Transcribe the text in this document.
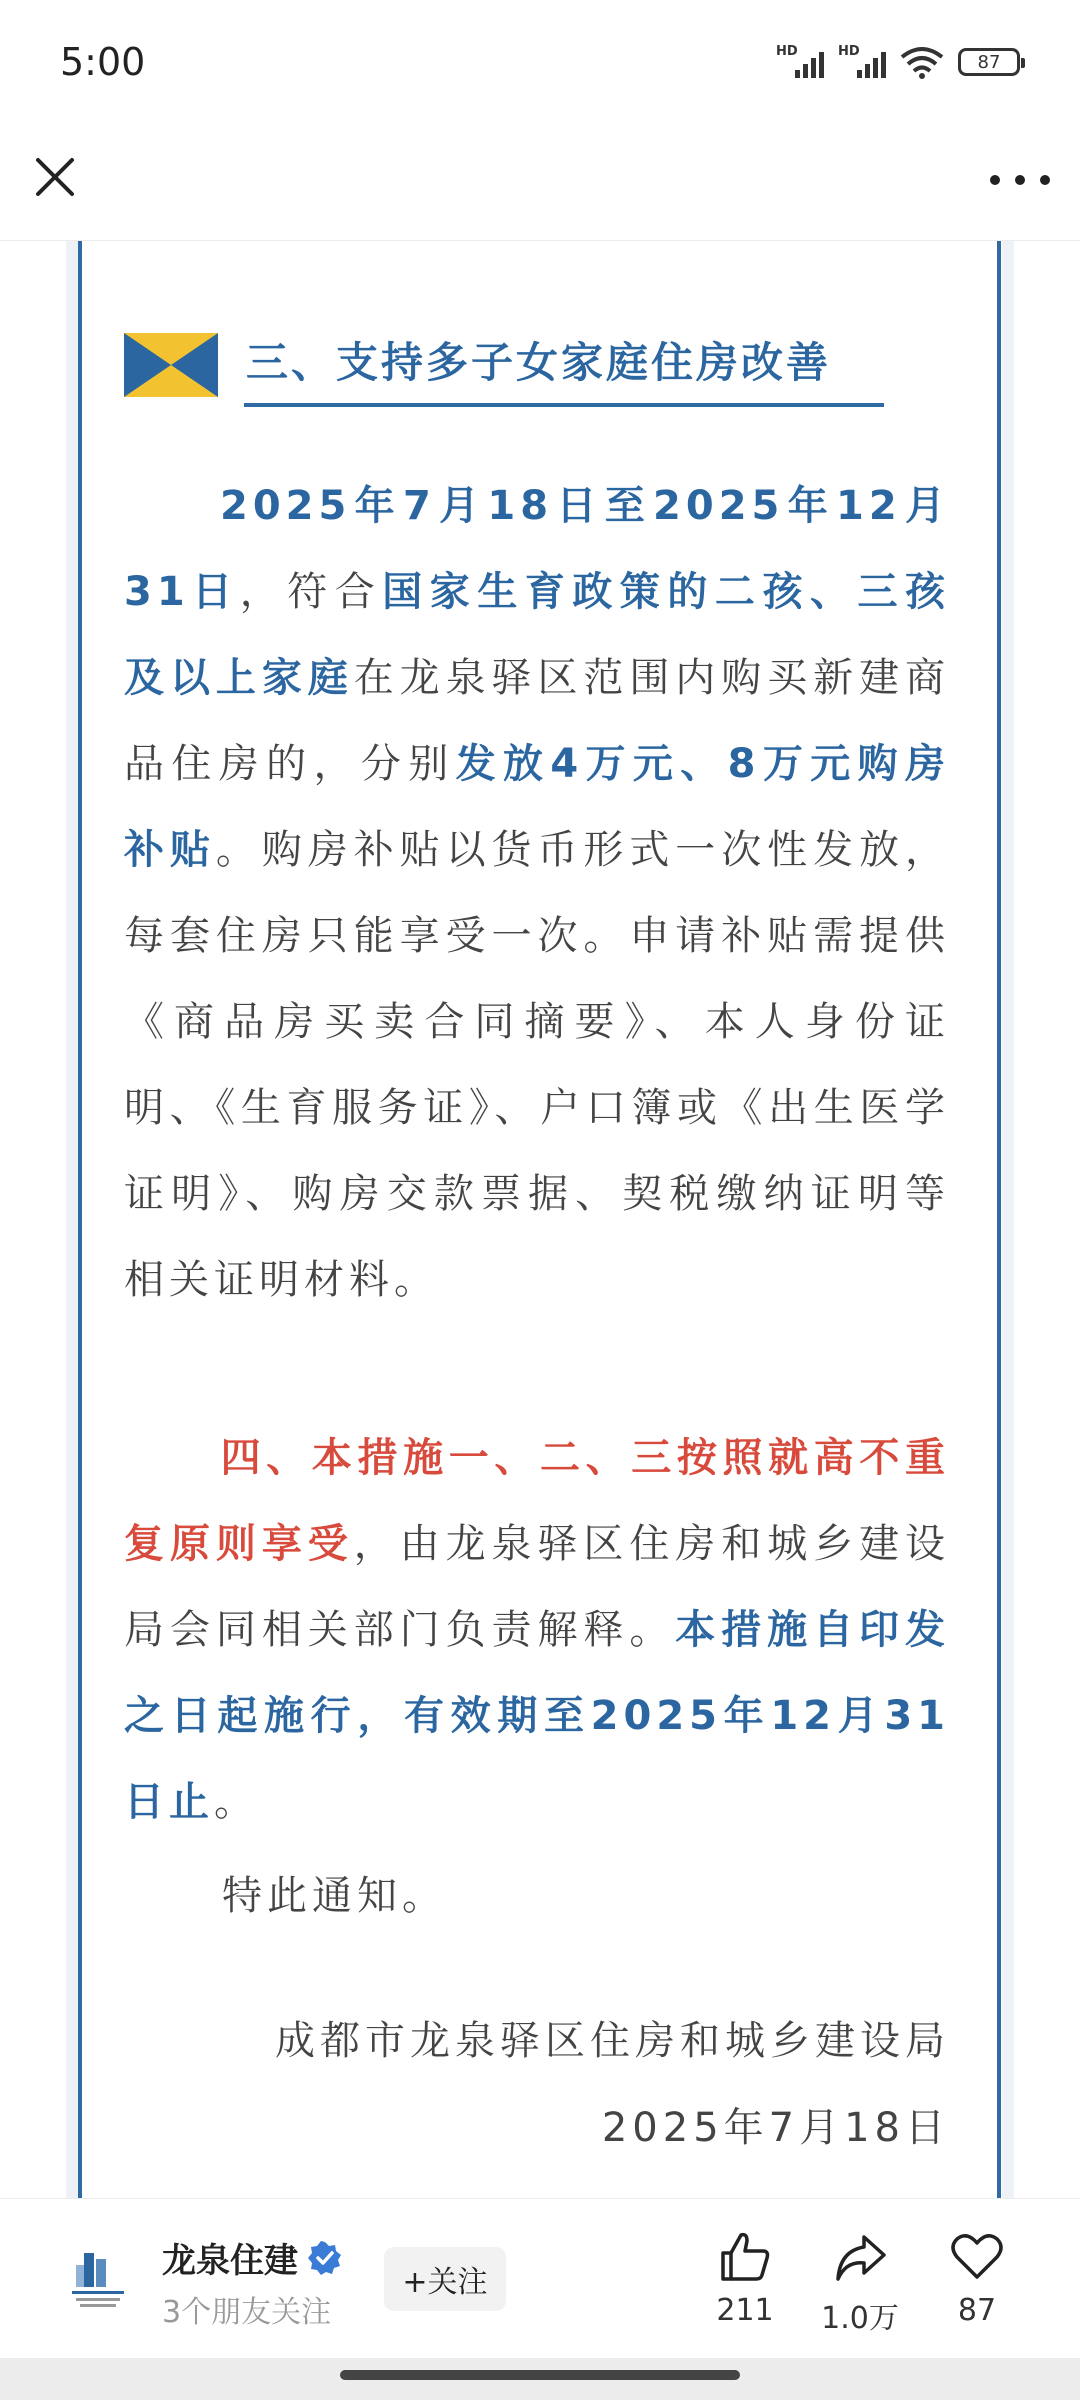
5:00	HD	HD	87
三、支持多子女家庭住房改善
2025年7月18日至2025年12月31日，符合国家生育政策的二孩、三孩及以上家庭在龙泉驿区范围内购买新建商品住房的，分别发放4万元、8万元购房补贴。购房补贴以货币形式一次性发放，每套住房只能享受一次。申请补贴需提供《商品房买卖合同摘要》、本人身份证明、《生育服务证》、户口簿或《出生医学证明》、购房交款票据、契税缴纳证明等相关证明材料。
四、本措施一、二、三按照就高不重复原则享受，由龙泉驿区住房和城乡建设局会同相关部门负责解释。本措施自印发之日起施行，有效期至2025年12月31日止。
特此通知。
成都市龙泉驿区住房和城乡建设局
2025年7月18日
龙泉住建
3个朋友关注
+关注
211	1.0万	87
